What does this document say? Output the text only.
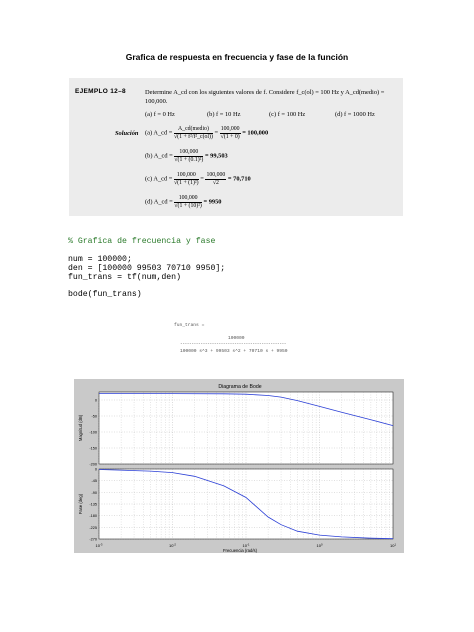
Grafica de respuesta en frecuencia y fase de la función
EJEMPLO 12–8	Determine A_cd con los siguientes valores de f. Considere f_c(ol) = 100 Hz y A_cd(medio) = 100,000.
(a) f = 0 Hz	(b) f = 10 Hz	(c) f = 100 Hz	(d) f = 1000 Hz
Solución (a) A_cd = $\frac{\text{A\_cd(medio)}}{\text{√(1 + f²/f²\_c(ol))}} = \frac{100,000}{√(1 + 0)} = 100,000$
(b) A_cd = $\frac{100,000}{\text{√(1 + (0.1)²)}} = 99,503$
(c) A_cd = $\frac{100,000}{\text{√(1 + (1)²)}} = \frac{100,000}{√2} = 70,710$
(d) A_cd = $\frac{100,000}{\text{√(1 + (10)²)}} = 9950$
% Grafica de frecuencia y fase
num = 100000;
den = [100000 99503 70710 9950];
fun_trans = tf(num,den)
bode(fun_trans)
fun_trans =
100000
-----------------------------------------------
100000 s^3 + 99503 s^2 + 70710 s + 9950
Diagrama de Bode
0
-50
-100
-150
-200
Magnitud (dB)
0
-45
-90
-135
-180
-225
-270
Fase (deg)
$10^{-3}$	$10^{-2}$	$10^{-1}$	$10^0$	$10^1$
Frecuencia (rad/s)
